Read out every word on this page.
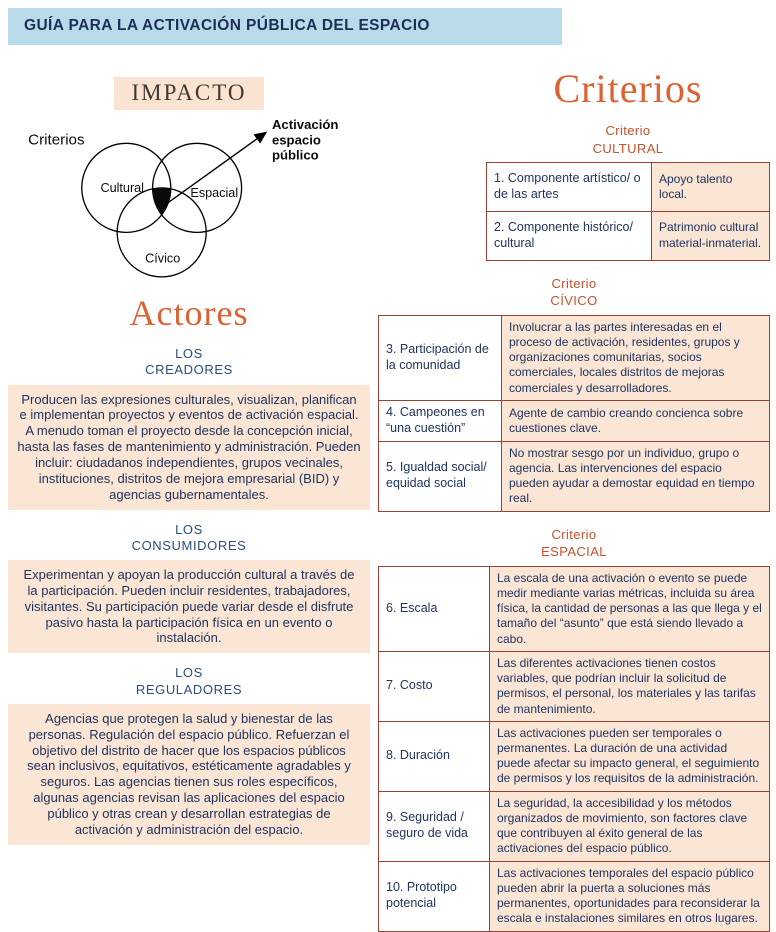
GUÍA PARA LA ACTIVACIÓN PÚBLICA DEL ESPACIO
IMPACTO
Criterios
Cultural	Espacial
Cívico
Activación
espacio
público
Actores
LOS
CREADORES

Producen las expresiones culturales, visualizan, planifican e implementan proyectos y eventos de activación espacial. A menudo toman el proyecto desde la concepción inicial, hasta las fases de mantenimiento y administración. Pueden incluir: ciudadanos independientes, grupos vecinales, instituciones, distritos de mejora empresarial (BID) y agencias gubernamentales.

LOS
CONSUMIDORES

Experimentan y apoyan la producción cultural a través de la participación. Pueden incluir residentes, trabajadores, visitantes. Su participación puede variar desde el disfrute pasivo hasta la participación física en un evento o instalación.

LOS
REGULADORES

Agencias que protegen la salud y bienestar de las personas. Regulación del espacio público. Refuerzan el objetivo del distrito de hacer que los espacios públicos sean inclusivos, equitativos, estéticamente agradables y seguros. Las agencias tienen sus roles específicos, algunas agencias revisan las aplicaciones del espacio público y otras crean y desarrollan estrategias de activación y administración del espacio.

Criterios
Criterio
CULTURAL
1. Componente artístico/ o de las artes	Apoyo talento local.
2. Componente histórico/ cultural	Patrimonio cultural material-inmaterial.
Criterio
CÍVICO
3. Participación de la comunidad	Involucrar a las partes interesadas en el proceso de activación, residentes, grupos y organizaciones comunitarias, socios comerciales, locales distritos de mejoras comerciales y desarrolladores.
4. Campeones en “una cuestión”	Agente de cambio creando concienca sobre cuestiones clave.
5. Igualdad social/ equidad social	No mostrar sesgo por un individuo, grupo o agencia. Las intervenciones del espacio pueden ayudar a demostar equidad en tiempo real.
Criterio
ESPACIAL
6. Escala	La escala de una activación o evento se puede medir mediante varias métricas, incluida su área física, la cantidad de personas a las que llega y el tamaño del “asunto” que está siendo llevado a cabo.
7. Costo	Las diferentes activaciones tienen costos variables, que podrían incluir la solicitud de permisos, el personal, los materiales y las tarifas de mantenimiento.
8. Duración	Las activaciones pueden ser temporales o permanentes. La duración de una actividad puede afectar su impacto general, el seguimiento de permisos y los requisitos de la administración.
9. Seguridad / seguro de vida	La seguridad, la accesibilidad y los métodos organizados de movimiento, son factores clave que contribuyen al éxito general de las activaciones del espacio público.
10. Prototipo potencial	Las activaciones temporales del espacio público pueden abrir la puerta a soluciones más permanentes, oportunidades para reconsiderar la escala e instalaciones similares en otros lugares.
